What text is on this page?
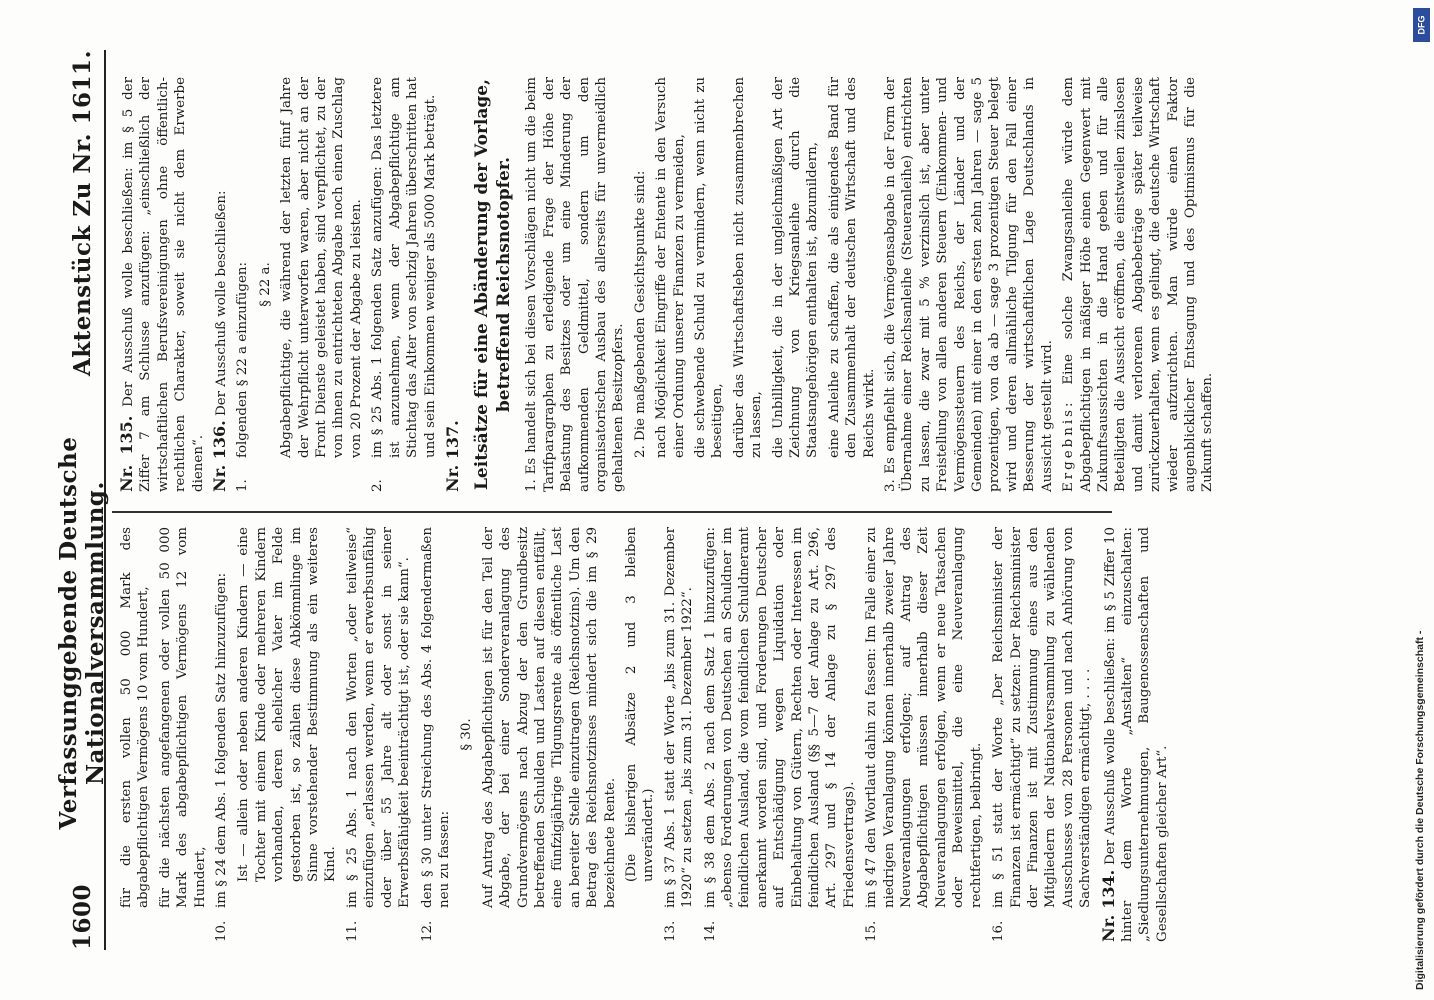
1600
Verfassunggebende Deutsche Nationalversammlung.
Aktenstück Zu Nr. 1611.

für die ersten vollen 50 000 Mark des abgabepflichtigen Vermögens 10 vom Hundert, für die nächsten angefangenen oder vollen 50 000 Mark des abgabepflichtigen Vermögens 12 vom Hundert,

10.
im § 24 dem Abs. 1 folgenden Satz hinzuzufügen: Ist — allein oder neben anderen Kindern — eine Tochter mit einem Kinde oder mehreren Kindern vorhanden, deren ehelicher Vater im Felde gestorben ist, so zählen diese Abkömmlinge im Sinne vorstehender Bestimmung als ein weiteres Kind.

11.
im § 25 Abs. 1 nach den Worten „oder teilweise“ einzufügen „erlassen werden, wenn er erwerbsunfähig oder über 55 Jahre alt oder sonst in seiner Erwerbsfähigkeit beeinträchtigt ist, oder sie kann“.
12.
den § 30 unter Streichung des Abs. 4 folgendermaßen neu zu fassen:

§ 30. Auf Antrag des Abgabepflichtigen ist für den Teil der Abgabe, der bei einer Sonderveranlagung des Grundvermögens nach Abzug der den Grundbesitz betreffenden Schulden und Lasten auf diesen entfällt, eine fünfzigjährige Tilgungsrente als öffentliche Last an bereiter Stelle einzutragen (Reichsnotzins). Um den Betrag des Reichsnotzinses mindert sich die im § 29 bezeichnete Rente. (Die bisherigen Absätze 2 und 3 bleiben unverändert.)

13.
im § 37 Abs. 1 statt der Worte „bis zum 31. Dezember 1920“ zu setzen „bis zum 31. Dezember 1922“.
14.
im § 38 dem Abs. 2 nach dem Satz 1 hinzuzufügen: „ebenso Forderungen von Deutschen an Schuldner im feindlichen Ausland, die vom feindlichen Schuldneramt anerkannt worden sind, und Forderungen Deutscher auf Entschädigung wegen Liquidation oder Einbehaltung von Gütern, Rechten oder Interessen im feindlichen Ausland (§§ 5—7 der Anlage zu Art. 296, Art. 297 und § 14 der Anlage zu § 297 des Friedensvertrags).
15.
im § 47 den Wortlaut dahin zu fassen: Im Falle einer zu niedrigen Veranlagung können innerhalb zweier Jahre Neuveranlagungen erfolgen; auf Antrag des Abgabepflichtigen müssen innerhalb dieser Zeit Neuveranlagungen erfolgen, wenn er neue Tatsachen oder Beweismittel, die eine Neuveranlagung rechtfertigen, beibringt.
16.
im § 51 statt der Worte „Der Reichsminister der Finanzen ist ermächtigt“ zu setzen: Der Reichsminister der Finanzen ist mit Zustimmung eines aus den Mitgliedern der Nationalversammlung zu wählenden Ausschusses von 28 Personen und nach Anhörung von Sachverständigen ermächtigt, . . . . Nr. 134. Der Ausschuß wolle beschließen: im § 5 Ziffer 10 hinter dem Worte „Anstalten“ einzuschalten: „Siedlungsunternehmungen, Baugenossenschaften und Gesellschaften gleicher Art“.

Nr. 135. Der Ausschuß wolle beschließen: im § 5 der Ziffer 7 am Schlusse anzufügen: „einschließlich der wirtschaftlichen Berufsvereinigungen ohne öffentlich-rechtlichen Charakter, soweit sie nicht dem Erwerbe dienen“. Nr. 136. Der Ausschuß wolle beschließen:

1.
folgenden § 22 a einzufügen: § 22 a. Abgabepflichtige, die während der letzten fünf Jahre der Wehrpflicht unterworfen waren, aber nicht an der Front Dienste geleistet haben, sind verpflichtet, zu der von ihnen zu entrichteten Abgabe noch einen Zuschlag von 20 Prozent der Abgabe zu leisten.

2.
im § 25 Abs. 1 folgenden Satz anzufügen: Das letztere ist anzunehmen, wenn der Abgabepflichtige am Stichtag das Alter von sechzig Jahren überschritten hat und sein Einkommen weniger als 5000 Mark beträgt. Nr. 137. Leitsätze für eine Abänderung der Vorlage, betreffend Reichsnotopfer. 1. Es handelt sich bei diesen Vorschlägen nicht um die beim Tarifparagraphen zu erledigende Frage der Höhe der Belastung des Besitzes oder um eine Minderung der aufkommenden Geldmittel, sondern um den organisatorischen Ausbau des allerseits für unvermeidlich gehaltenen Besitzopfers. 2. Die maßgebenden Gesichtspunkte sind: nach Möglichkeit Eingriffe der Entente in den Versuch einer Ordnung unserer Finanzen zu vermeiden, die schwebende Schuld zu vermindern, wenn nicht zu beseitigen, darüber das Wirtschaftsleben nicht zusammenbrechen zu lassen, die Unbilligkeit, die in der ungleichmäßigen Art der Zeichnung von Kriegsanleihe durch die Staatsangehörigen enthalten ist, abzumildern, eine Anleihe zu schaffen, die als einigendes Band für den Zusammenhalt der deutschen Wirtschaft und des Reichs wirkt. 3. Es empfiehlt sich, die Vermögensabgabe in der Form der Übernahme einer Reichsanleihe (Steueranleihe) entrichten zu lassen, die zwar mit 5 % verzinslich ist, aber unter Freistellung von allen anderen Steuern (Einkommen- und Vermögenssteuern des Reichs, der Länder und der Gemeinden) mit einer in den ersten zehn Jahren — sage 5 prozentigen, von da ab — sage 3 prozentigen Steuer belegt wird und deren allmähliche Tilgung für den Fall einer Besserung der wirtschaftlichen Lage Deutschlands in Aussicht gestellt wird. Ergebnis: Eine solche Zwangsanleihe würde dem Abgabepflichtigen in mäßiger Höhe einen Gegenwert mit Zukunftsaussichten in die Hand geben und für alle Beteiligten die Aussicht eröffnen, die einstweilen zinslosen und damit verlorenen Abgabebeträge später teilweise zurückzuerhalten, wenn es gelingt, die deutsche Wirtschaft wieder aufzurichten. Man würde einen Faktor augenblicklicher Entsagung und des Optimismus für die Zukunft schaffen.

DFG
Digitalisierung gefördert durch die Deutsche Forschungsgemeinschaft -
